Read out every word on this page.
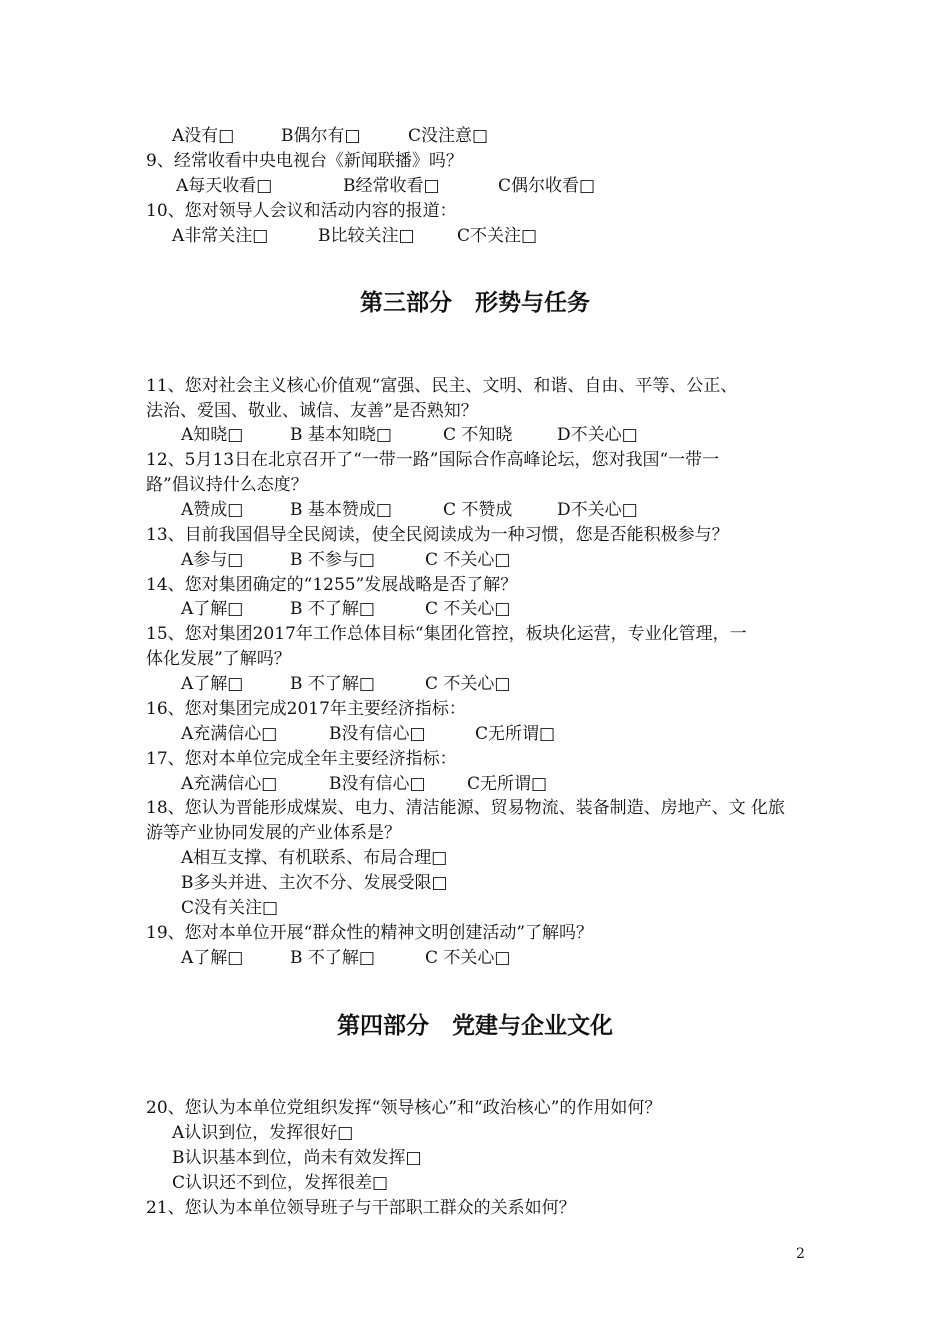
A没有□	B偶尔有□	C没注意□
9、经常收看中央电视台《新闻联播》吗？
A每天收看□	B经常收看□	C偶尔收看□
10、您对领导人会议和活动内容的报道：
A非常关注□	B比较关注□ C不关注□
第三部分　形势与任务
11、您对社会主义核心价值观“富强、民主、文明、和谐、自由、平等、公正、
法治、爱国、敬业、诚信、友善”是否熟知？
A知晓□	B 基本知晓□	C 不知晓	D不关心□
12、5月13日在北京召开了“一带一路”国际合作高峰论坛，您对我国“一带一
路”倡议持什么态度？
A赞成□	B 基本赞成□	C 不赞成	D不关心□
13、目前我国倡导全民阅读，使全民阅读成为一种习惯，您是否能积极参与？
A参与□	B 不参与□	C 不关心□
14、您对集团确定的“1255”发展战略是否了解？
A了解□	B 不了解□	C 不关心□
15、您对集团2017年工作总体目标“集团化管控，板块化运营，专业化管理，一
体化发展”了解吗？
A了解□	B 不了解□	C 不关心□
16、您对集团完成2017年主要经济指标：
A充满信心□	B没有信心□	C无所谓□
17、您对本单位完成全年主要经济指标：
A充满信心□	B没有信心□ C无所谓□
18、您认为晋能形成煤炭、电力、清洁能源、贸易物流、装备制造、房地产、文 化旅
游等产业协同发展的产业体系是？
A相互支撑、有机联系、布局合理□
B多头并进、主次不分、发展受限□
C没有关注□
19、您对本单位开展“群众性的精神文明创建活动”了解吗？
A了解□	B 不了解□	C 不关心□
第四部分　党建与企业文化
20、您认为本单位党组织发挥“领导核心”和“政治核心”的作用如何？
A认识到位，发挥很好□
B认识基本到位，尚未有效发挥□
C认识还不到位，发挥很差□
21、您认为本单位领导班子与干部职工群众的关系如何？
2
